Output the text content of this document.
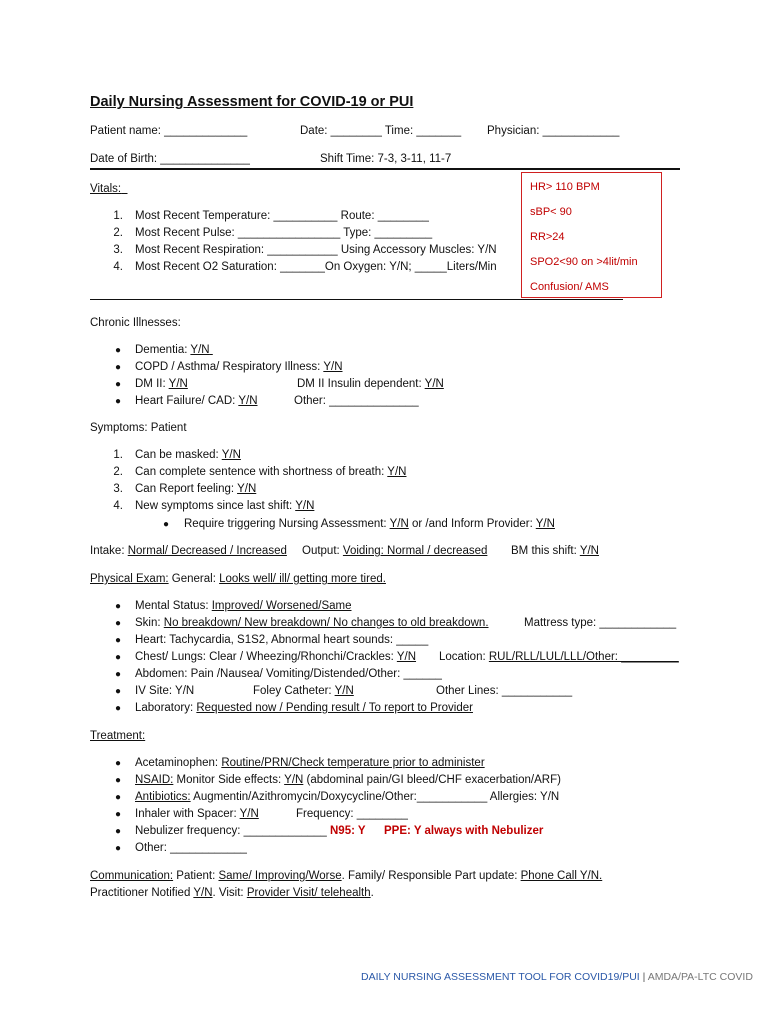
Daily Nursing Assessment for COVID-19 or PUI
Patient name: _____________	Date: ________ Time: _______ Physician: ____________
Date of Birth: ______________	Shift Time: 7-3, 3-11, 11-7
HR> 110 BPM
sBP< 90
RR>24
SPO2<90 on >4lit/min
Confusion/ AMS
Vitals:
1. Most Recent Temperature: __________ Route: ________
2. Most Recent Pulse: ________________ Type: _________
3. Most Recent Respiration: ___________ Using Accessory Muscles: Y/N
4. Most Recent O2 Saturation: _______On Oxygen: Y/N; _____Liters/Min
Chronic Illnesses:
● Dementia: Y/N
● COPD / Asthma/ Respiratory Illness: Y/N
● DM II: Y/N	DM II Insulin dependent: Y/N
● Heart Failure/ CAD: Y/N	Other: ______________
Symptoms: Patient
1. Can be masked: Y/N
2. Can complete sentence with shortness of breath: Y/N
3. Can Report feeling: Y/N
4. New symptoms since last shift: Y/N
● Require triggering Nursing Assessment: Y/N or /and Inform Provider: Y/N
Intake: Normal/ Decreased / Increased Output: Voiding: Normal / decreased BM this shift: Y/N
Physical Exam: General: Looks well/ ill/ getting more tired.
● Mental Status: Improved/ Worsened/Same
● Skin: No breakdown/ New breakdown/ No changes to old breakdown.	Mattress type: ____________
● Heart: Tachycardia, S1S2, Abnormal heart sounds: _____
● Chest/ Lungs: Clear / Wheezing/Rhonchi/Crackles: Y/N Location: RUL/RLL/LUL/LLL/Other: _________
● Abdomen: Pain /Nausea/ Vomiting/Distended/Other: ______
● IV Site: Y/N	Foley Catheter: Y/N	Other Lines: ___________
● Laboratory: Requested now / Pending result / To report to Provider
Treatment:
● Acetaminophen: Routine/PRN/Check temperature prior to administer
● NSAID: Monitor Side effects: Y/N (abdominal pain/GI bleed/CHF exacerbation/ARF)
● Antibiotics: Augmentin/Azithromycin/Doxycycline/Other:___________ Allergies: Y/N
● Inhaler with Spacer: Y/N	Frequency: ________
● Nebulizer frequency: _____________ N95: Y PPE: Y always with Nebulizer
● Other: ____________
Communication: Patient: Same/ Improving/Worse. Family/ Responsible Part update: Phone Call Y/N.
Practitioner Notified Y/N. Visit: Provider Visit/ telehealth.
DAILY NURSING ASSESSMENT TOOL FOR COVID19/PUI | AMDA/PA-LTC COVID
